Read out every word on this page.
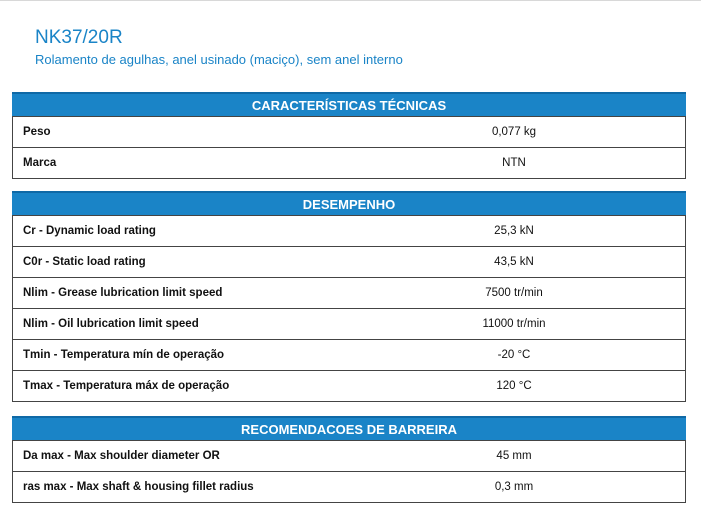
NK37/20R
Rolamento de agulhas, anel usinado (maciço), sem anel interno
CARACTERÍSTICAS TÉCNICAS
Peso	0,077 kg
Marca	NTN
DESEMPENHO
Cr - Dynamic load rating	25,3 kN
C0r - Static load rating	43,5 kN
Nlim - Grease lubrication limit speed	7500 tr/min
Nlim - Oil lubrication limit speed	11000 tr/min
Tmin - Temperatura mín de operação	-20 °C
Tmax - Temperatura máx de operação	120 °C
RECOMENDACOES DE BARREIRA
Da max - Max shoulder diameter OR	45 mm
ras max - Max shaft & housing fillet radius	0,3 mm
